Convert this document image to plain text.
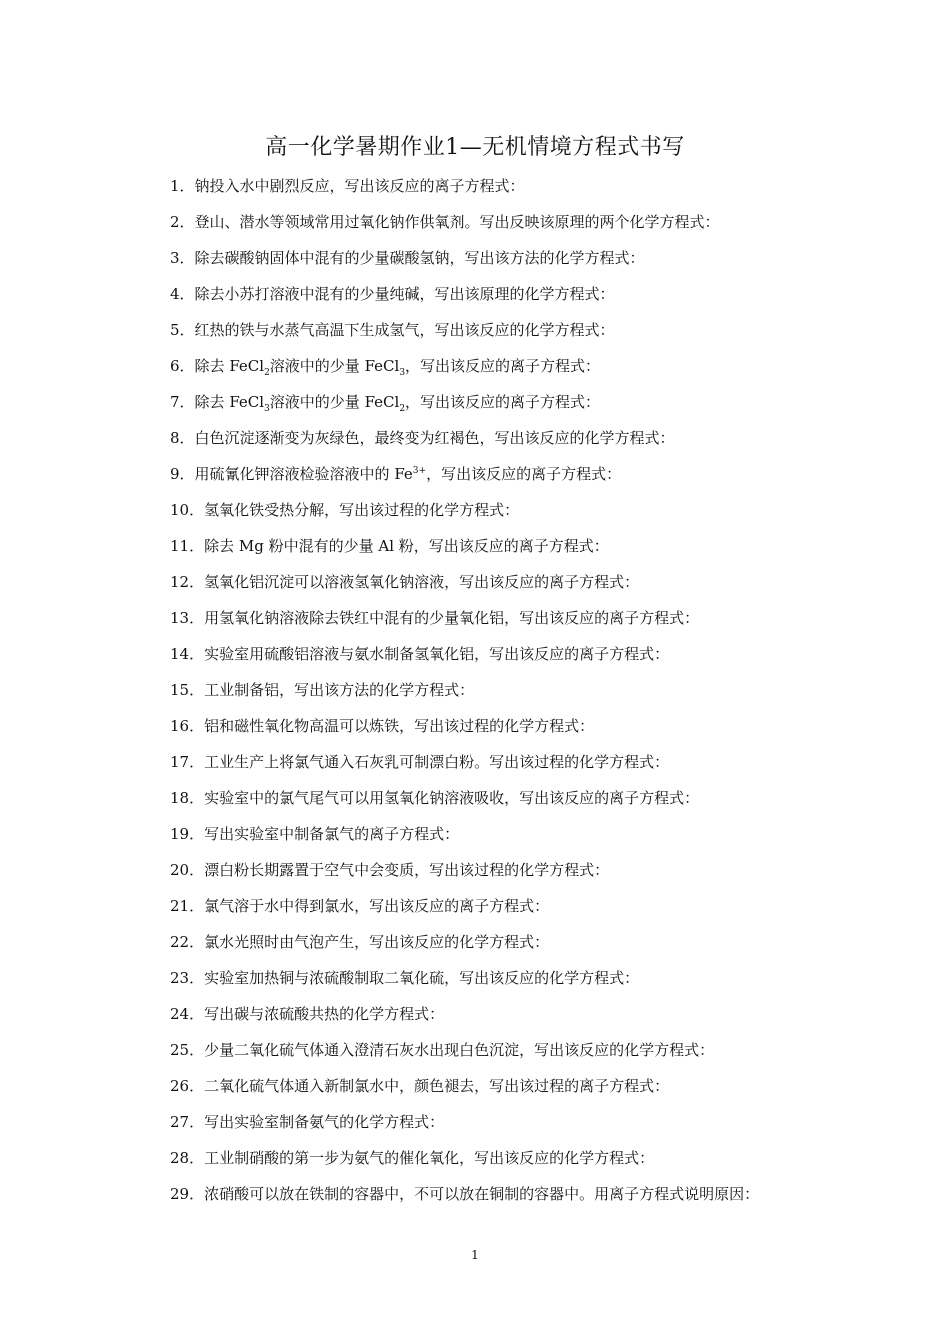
高一化学暑期作业1—无机情境方程式书写
1．钠投入水中剧烈反应，写出该反应的离子方程式：
2．登山、潜水等领域常用过氧化钠作供氧剂。写出反映该原理的两个化学方程式：
3．除去碳酸钠固体中混有的少量碳酸氢钠，写出该方法的化学方程式：
4．除去小苏打溶液中混有的少量纯碱，写出该原理的化学方程式：
5．红热的铁与水蒸气高温下生成氢气，写出该反应的化学方程式：
6．除去 FeCl$_2$溶液中的少量 FeCl$_3$，写出该反应的离子方程式：
7．除去 FeCl$_3$溶液中的少量 FeCl$_2$，写出该反应的离子方程式：
8．白色沉淀逐渐变为灰绿色，最终变为红褐色，写出该反应的化学方程式：
9．用硫氰化钾溶液检验溶液中的 $Fe^{3+}$，写出该反应的离子方程式：
10．氢氧化铁受热分解，写出该过程的化学方程式：
11．除去 Mg 粉中混有的少量 Al 粉，写出该反应的离子方程式：
12．氢氧化铝沉淀可以溶液氢氧化钠溶液，写出该反应的离子方程式：
13．用氢氧化钠溶液除去铁红中混有的少量氧化铝，写出该反应的离子方程式：
14．实验室用硫酸铝溶液与氨水制备氢氧化铝，写出该反应的离子方程式：
15．工业制备铝，写出该方法的化学方程式：
16．铝和磁性氧化物高温可以炼铁，写出该过程的化学方程式：
17．工业生产上将氯气通入石灰乳可制漂白粉。写出该过程的化学方程式：
18．实验室中的氯气尾气可以用氢氧化钠溶液吸收，写出该反应的离子方程式：
19．写出实验室中制备氯气的离子方程式：
20．漂白粉长期露置于空气中会变质，写出该过程的化学方程式：
21．氯气溶于水中得到氯水，写出该反应的离子方程式：
22．氯水光照时由气泡产生，写出该反应的化学方程式：
23．实验室加热铜与浓硫酸制取二氧化硫，写出该反应的化学方程式：
24．写出碳与浓硫酸共热的化学方程式：
25．少量二氧化硫气体通入澄清石灰水出现白色沉淀，写出该反应的化学方程式：
26．二氧化硫气体通入新制氯水中，颜色褪去，写出该过程的离子方程式：
27．写出实验室制备氨气的化学方程式：
28．工业制硝酸的第一步为氨气的催化氧化，写出该反应的化学方程式：
29．浓硝酸可以放在铁制的容器中，不可以放在铜制的容器中。用离子方程式说明原因：
1
